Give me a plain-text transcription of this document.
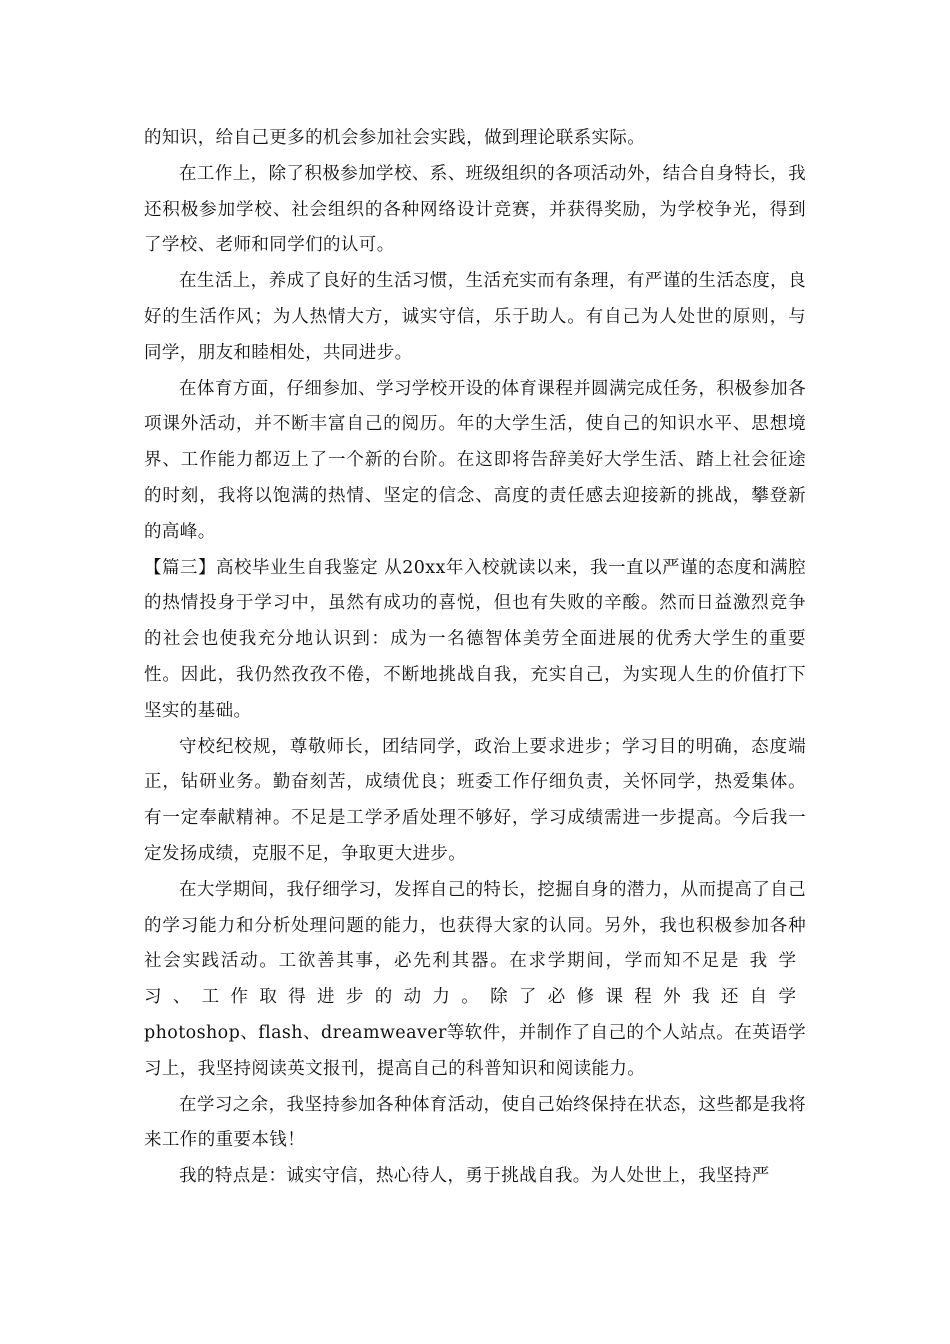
的知识，给自己更多的机会参加社会实践，做到理论联系实际。

在工作上，除了积极参加学校、系、班级组织的各项活动外，结合自身特长，我还积极参加学校、社会组织的各种网络设计竞赛，并获得奖励，为学校争光，得到了学校、老师和同学们的认可。

在生活上，养成了良好的生活习惯，生活充实而有条理，有严谨的生活态度，良好的生活作风；为人热情大方，诚实守信，乐于助人。有自己为人处世的原则，与同学，朋友和睦相处，共同进步。

在体育方面，仔细参加、学习学校开设的体育课程并圆满完成任务，积极参加各项课外活动，并不断丰富自己的阅历。年的大学生活，使自己的知识水平、思想境界、工作能力都迈上了一个新的台阶。在这即将告辞美好大学生活、踏上社会征途的时刻，我将以饱满的热情、坚定的信念、高度的责任感去迎接新的挑战，攀登新的高峰。

【篇三】高校毕业生自我鉴定 从20xx年入校就读以来，我一直以严谨的态度和满腔的热情投身于学习中，虽然有成功的喜悦，但也有失败的辛酸。然而日益激烈竞争的社会也使我充分地认识到：成为一名德智体美劳全面进展的优秀大学生的重要性。因此，我仍然孜孜不倦，不断地挑战自我，充实自己，为实现人生的价值打下坚实的基础。

守校纪校规，尊敬师长，团结同学，政治上要求进步；学习目的明确，态度端正，钻研业务。勤奋刻苦，成绩优良；班委工作仔细负责，关怀同学，热爱集体。有一定奉献精神。不足是工学矛盾处理不够好，学习成绩需进一步提高。今后我一定发扬成绩，克服不足，争取更大进步。

在大学期间，我仔细学习，发挥自己的特长，挖掘自身的潜力，从而提高了自己的学习能力和分析处理问题的能力，也获得大家的认同。另外，我也积极参加各种社会实践活动。工欲善其事，必先利其器。在求学期间，学而知不足是我学习、工作取得进步的动力。除了必修课程外我还自学photoshop、flash、dreamweaver等软件，并制作了自己的个人站点。在英语学习上，我坚持阅读英文报刊，提高自己的科普知识和阅读能力。

在学习之余，我坚持参加各种体育活动，使自己始终保持在状态，这些都是我将来工作的重要本钱！

我的特点是：诚实守信，热心待人，勇于挑战自我。为人处世上，我坚持严
